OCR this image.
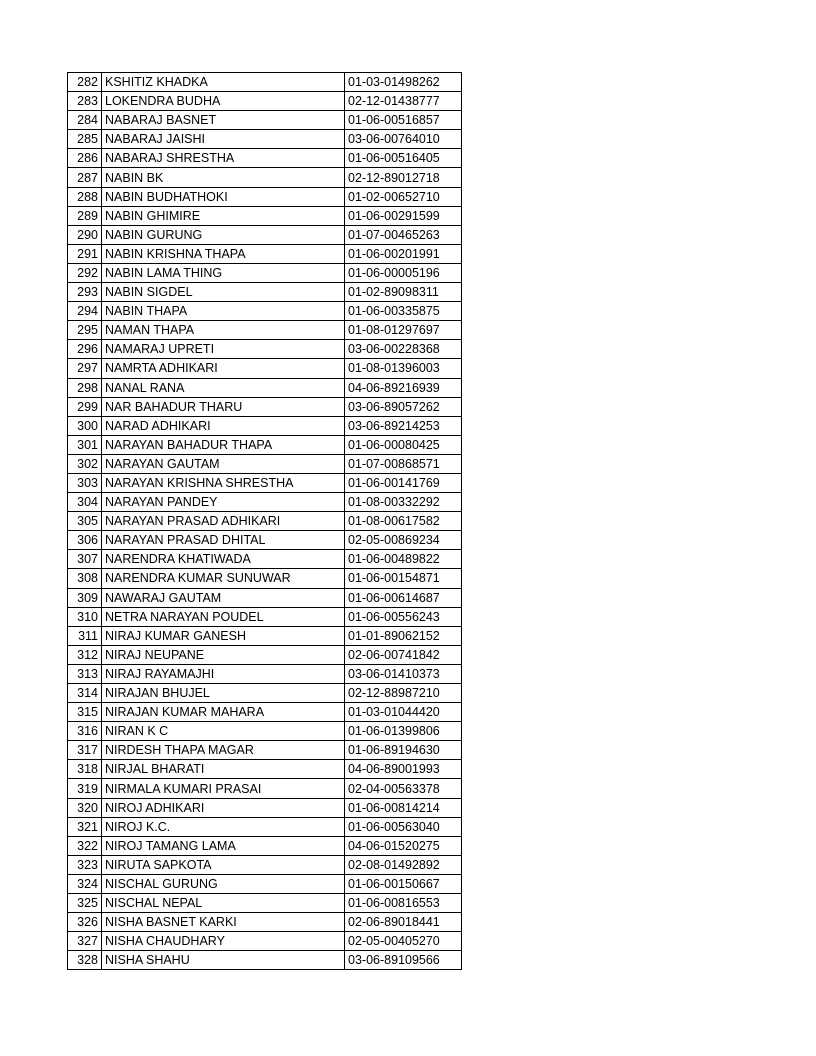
282	KSHITIZ KHADKA	01-03-01498262
283	LOKENDRA BUDHA	02-12-01438777
284	NABARAJ BASNET	01-06-00516857
285	NABARAJ JAISHI	03-06-00764010
286	NABARAJ SHRESTHA	01-06-00516405
287	NABIN BK	02-12-89012718
288	NABIN BUDHATHOKI	01-02-00652710
289	NABIN GHIMIRE	01-06-00291599
290	NABIN GURUNG	01-07-00465263
291	NABIN KRISHNA THAPA	01-06-00201991
292	NABIN LAMA THING	01-06-00005196
293	NABIN SIGDEL	01-02-89098311
294	NABIN THAPA	01-06-00335875
295	NAMAN THAPA	01-08-01297697
296	NAMARAJ UPRETI	03-06-00228368
297	NAMRTA ADHIKARI	01-08-01396003
298	NANAL RANA	04-06-89216939
299	NAR BAHADUR THARU	03-06-89057262
300	NARAD ADHIKARI	03-06-89214253
301	NARAYAN BAHADUR THAPA	01-06-00080425
302	NARAYAN GAUTAM	01-07-00868571
303	NARAYAN KRISHNA SHRESTHA	01-06-00141769
304	NARAYAN PANDEY	01-08-00332292
305	NARAYAN PRASAD ADHIKARI	01-08-00617582
306	NARAYAN PRASAD DHITAL	02-05-00869234
307	NARENDRA KHATIWADA	01-06-00489822
308	NARENDRA KUMAR SUNUWAR	01-06-00154871
309	NAWARAJ GAUTAM	01-06-00614687
310	NETRA NARAYAN POUDEL	01-06-00556243
311	NIRAJ KUMAR GANESH	01-01-89062152
312	NIRAJ NEUPANE	02-06-00741842
313	NIRAJ RAYAMAJHI	03-06-01410373
314	NIRAJAN BHUJEL	02-12-88987210
315	NIRAJAN KUMAR MAHARA	01-03-01044420
316	NIRAN K C	01-06-01399806
317	NIRDESH THAPA MAGAR	01-06-89194630
318	NIRJAL BHARATI	04-06-89001993
319	NIRMALA KUMARI PRASAI	02-04-00563378
320	NIROJ ADHIKARI	01-06-00814214
321	NIROJ K.C.	01-06-00563040
322	NIROJ TAMANG LAMA	04-06-01520275
323	NIRUTA SAPKOTA	02-08-01492892
324	NISCHAL GURUNG	01-06-00150667
325	NISCHAL NEPAL	01-06-00816553
326	NISHA BASNET KARKI	02-06-89018441
327	NISHA CHAUDHARY	02-05-00405270
328	NISHA SHAHU	03-06-89109566
